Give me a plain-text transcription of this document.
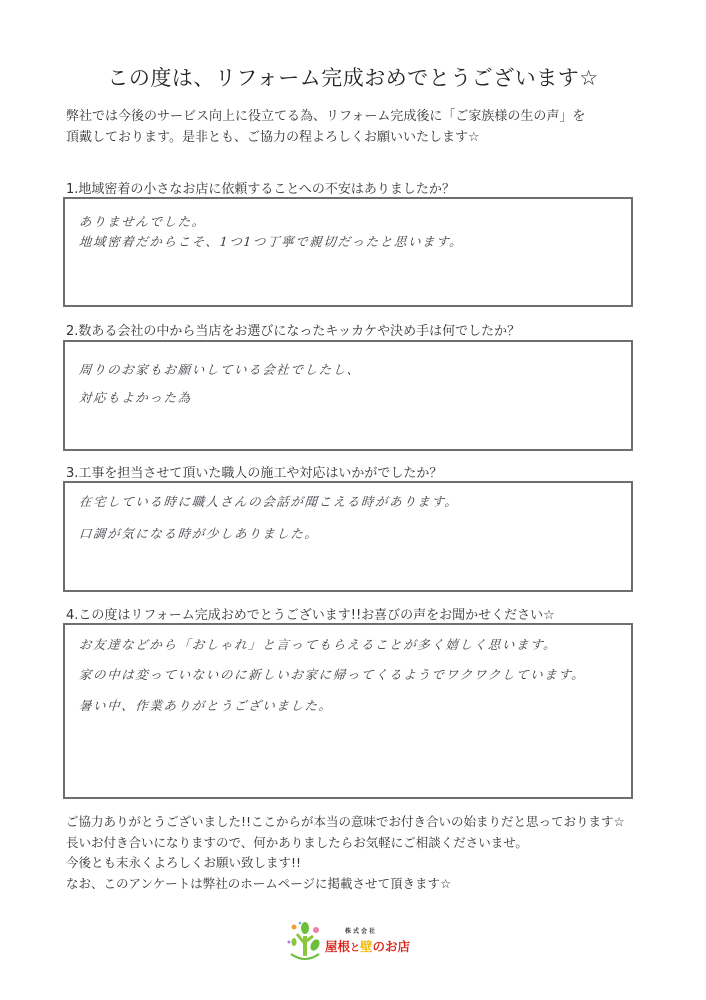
この度は、リフォーム完成おめでとうございます☆
弊社では今後のサービス向上に役立てる為、リフォーム完成後に「ご家族様の生の声」を
頂戴しております。是非とも、ご協力の程よろしくお願いいたします☆
1.地域密着の小さなお店に依頼することへの不安はありましたか？
ありませんでした。
地域密着だからこそ、1つ1つ丁寧で親切だったと思います。
2.数ある会社の中から当店をお選びになったキッカケや決め手は何でしたか？
周りのお家もお願いしている会社でしたし、
対応もよかった為
3.工事を担当させて頂いた職人の施工や対応はいかがでしたか？
在宅している時に職人さんの会話が聞こえる時があります。
口調が気になる時が少しありました。
4.この度はリフォーム完成おめでとうございます!!お喜びの声をお聞かせください☆
お友達などから「おしゃれ」と言ってもらえることが多く嬉しく思います。
家の中は変っていないのに新しいお家に帰ってくるようでワクワクしています。
暑い中、作業ありがとうございました。
ご協力ありがとうございました!!ここからが本当の意味でお付き合いの始まりだと思っております☆
長いお付き合いになりますので、何かありましたらお気軽にご相談くださいませ。
今後とも末永くよろしくお願い致します!!
なお、このアンケートは弊社のホームページに掲載させて頂きます☆
株式会社
屋根と壁のお店
